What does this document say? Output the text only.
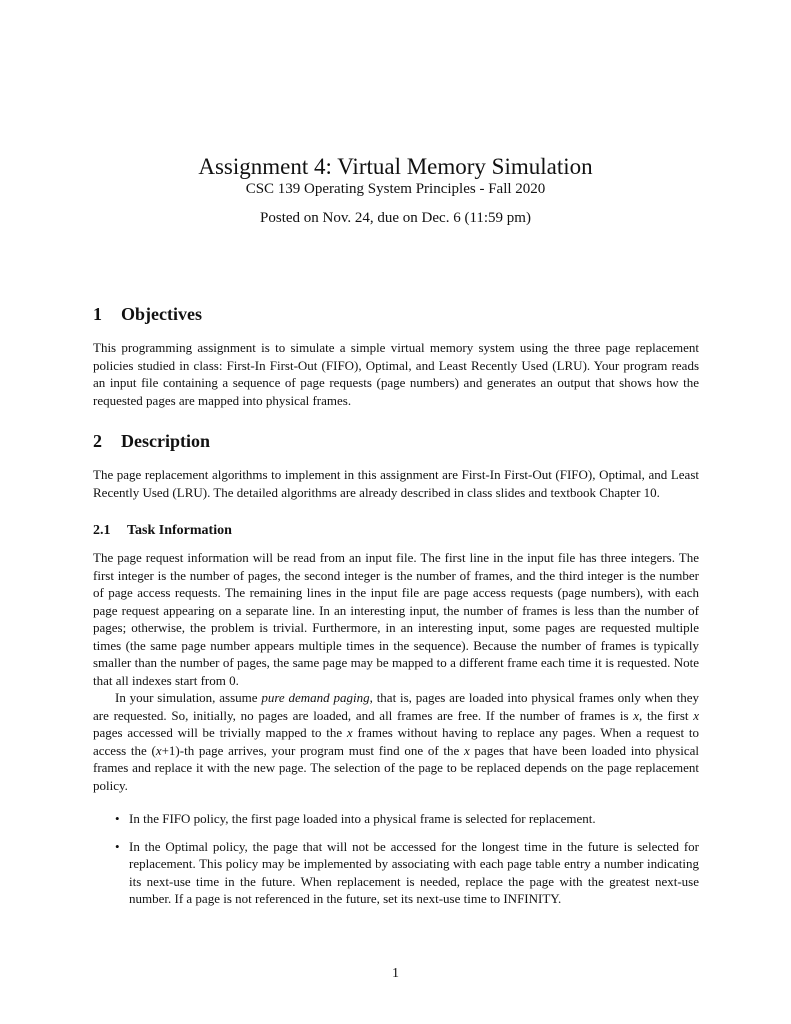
Assignment 4: Virtual Memory Simulation
CSC 139 Operating System Principles - Fall 2020
Posted on Nov. 24, due on Dec. 6 (11:59 pm)
1 Objectives

This programming assignment is to simulate a simple virtual memory system using the three page replacement policies studied in class: First-In First-Out (FIFO), Optimal, and Least Recently Used (LRU). Your program reads an input file containing a sequence of page requests (page numbers) and generates an output that shows how the requested pages are mapped into physical frames.

2 Description

The page replacement algorithms to implement in this assignment are First-In First-Out (FIFO), Optimal, and Least Recently Used (LRU). The detailed algorithms are already described in class slides and textbook Chapter 10.

2.1 Task Information

The page request information will be read from an input file. The first line in the input file has three integers. The first integer is the number of pages, the second integer is the number of frames, and the third integer is the number of page access requests. The remaining lines in the input file are page access requests (page numbers), with each page request appearing on a separate line. In an interesting input, the number of frames is less than the number of pages; otherwise, the problem is trivial. Furthermore, in an interesting input, some pages are requested multiple times (the same page number appears multiple times in the sequence). Because the number of frames is typically smaller than the number of pages, the same page may be mapped to a different frame each time it is requested. Note that all indexes start from 0.

In your simulation, assume pure demand paging, that is, pages are loaded into physical frames only when they are requested. So, initially, no pages are loaded, and all frames are free. If the number of frames is x, the first x pages accessed will be trivially mapped to the x frames without having to replace any pages. When a request to access the (x+1)-th page arrives, your program must find one of the x pages that have been loaded into physical frames and replace it with the new page. The selection of the page to be replaced depends on the page replacement policy.

• In the FIFO policy, the first page loaded into a physical frame is selected for replacement.
• In the Optimal policy, the page that will not be accessed for the longest time in the future is selected for replacement. This policy may be implemented by associating with each page table entry a number indicating its next-use time in the future. When replacement is needed, replace the page with the greatest next-use number. If a page is not referenced in the future, set its next-use time to INFINITY.
1
